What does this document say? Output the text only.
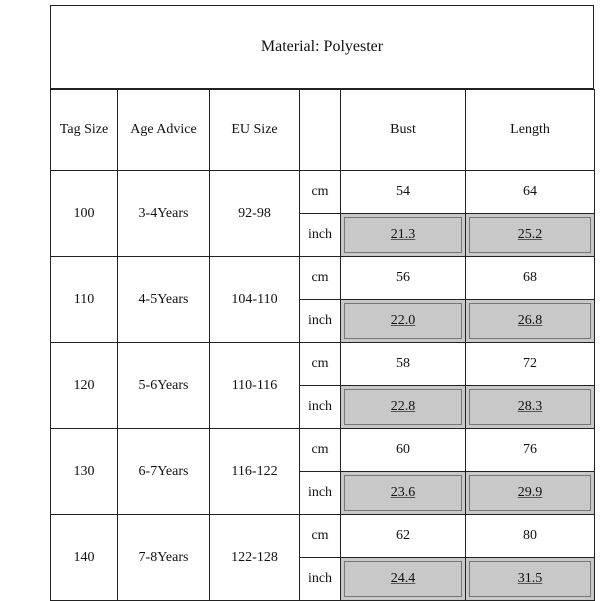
Material: Polyester
Tag Size	Age Advice	EU Size		Bust	Length
100	3-4Years	92-98	cm	54	64
			inch	21.3	25.2
110	4-5Years	104-110	cm	56	68
			inch	22.0	26.8
120	5-6Years	110-116	cm	58	72
			inch	22.8	28.3
130	6-7Years	116-122	cm	60	76
			inch	23.6	29.9
140	7-8Years	122-128	cm	62	80
			inch	24.4	31.5
